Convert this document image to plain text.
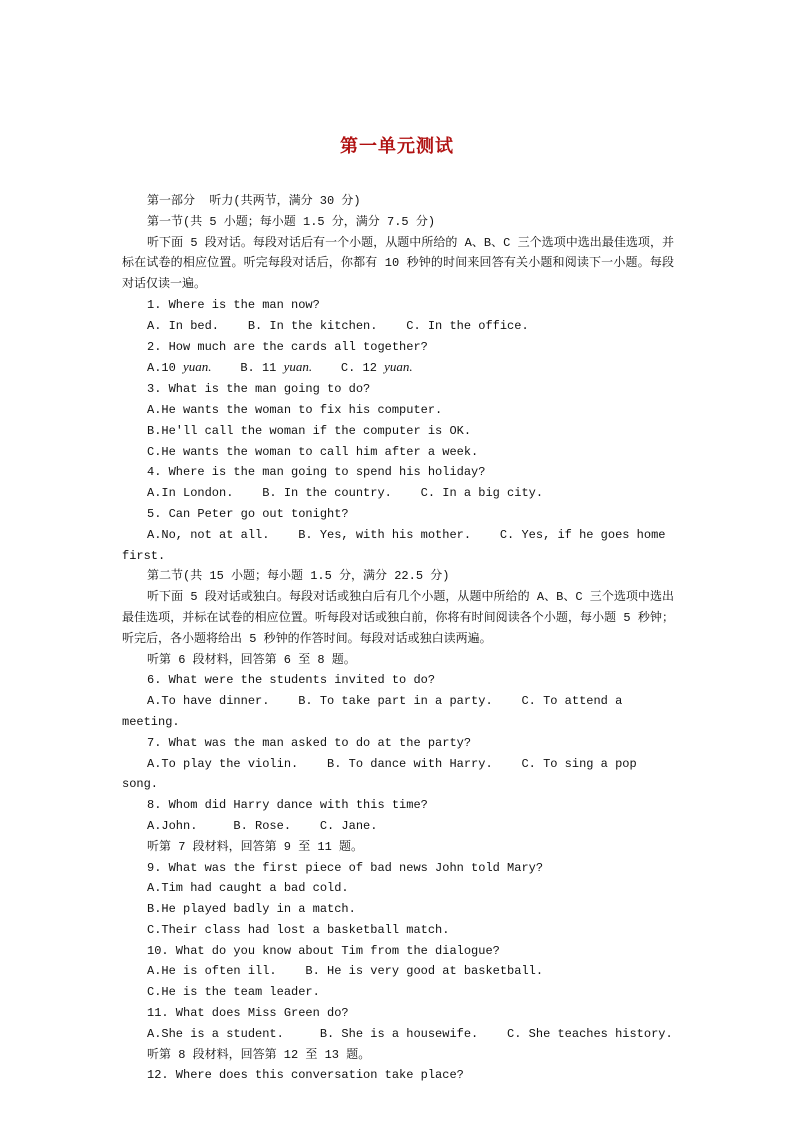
第一单元测试

第一部分  听力(共两节，满分 30 分)

第一节(共 5 小题；每小题 1.5 分，满分 7.5 分)

听下面 5 段对话。每段对话后有一个小题，从题中所给的 A、B、C 三个选项中选出最佳选项，并标在试卷的相应位置。听完每段对话后，你都有 10 秒钟的时间来回答有关小题和阅读下一小题。每段对话仅读一遍。

1. Where is the man now?

A. In bed.    B. In the kitchen.    C. In the office.

2. How much are the cards all together?

A.10 yuan.    B. 11 yuan.    C. 12 yuan.

3. What is the man going to do?

A.He wants the woman to fix his computer.

B.He'll call the woman if the computer is OK.

C.He wants the woman to call him after a week.

4. Where is the man going to spend his holiday?

A.In London.    B. In the country.    C. In a big city.

5. Can Peter go out tonight?

A.No, not at all.    B. Yes, with his mother.    C. Yes, if he goes home first.

第二节(共 15 小题；每小题 1.5 分，满分 22.5 分)

听下面 5 段对话或独白。每段对话或独白后有几个小题，从题中所给的 A、B、C 三个选项中选出最佳选项，并标在试卷的相应位置。听每段对话或独白前，你将有时间阅读各个小题，每小题 5 秒钟； 听完后，各小题将给出 5 秒钟的作答时间。每段对话或独白读两遍。

听第 6 段材料，回答第 6 至 8 题。

6. What were the students invited to do?

A.To have dinner.    B. To take part in a party.    C. To attend a meeting.

7. What was the man asked to do at the party?

A.To play the violin.    B. To dance with Harry.    C. To sing a pop song.

8. Whom did Harry dance with this time?

A.John.     B. Rose.    C. Jane.

听第 7 段材料，回答第 9 至 11 题。

9. What was the first piece of bad news John told Mary?

A.Tim had caught a bad cold.

B.He played badly in a match.

C.Their class had lost a basketball match.

10. What do you know about Tim from the dialogue?

A.He is often ill.    B. He is very good at basketball.

C.He is the team leader.

11. What does Miss Green do?

A.She is a student.     B. She is a housewife.    C. She teaches history.

听第 8 段材料，回答第 12 至 13 题。

12. Where does this conversation take place?
